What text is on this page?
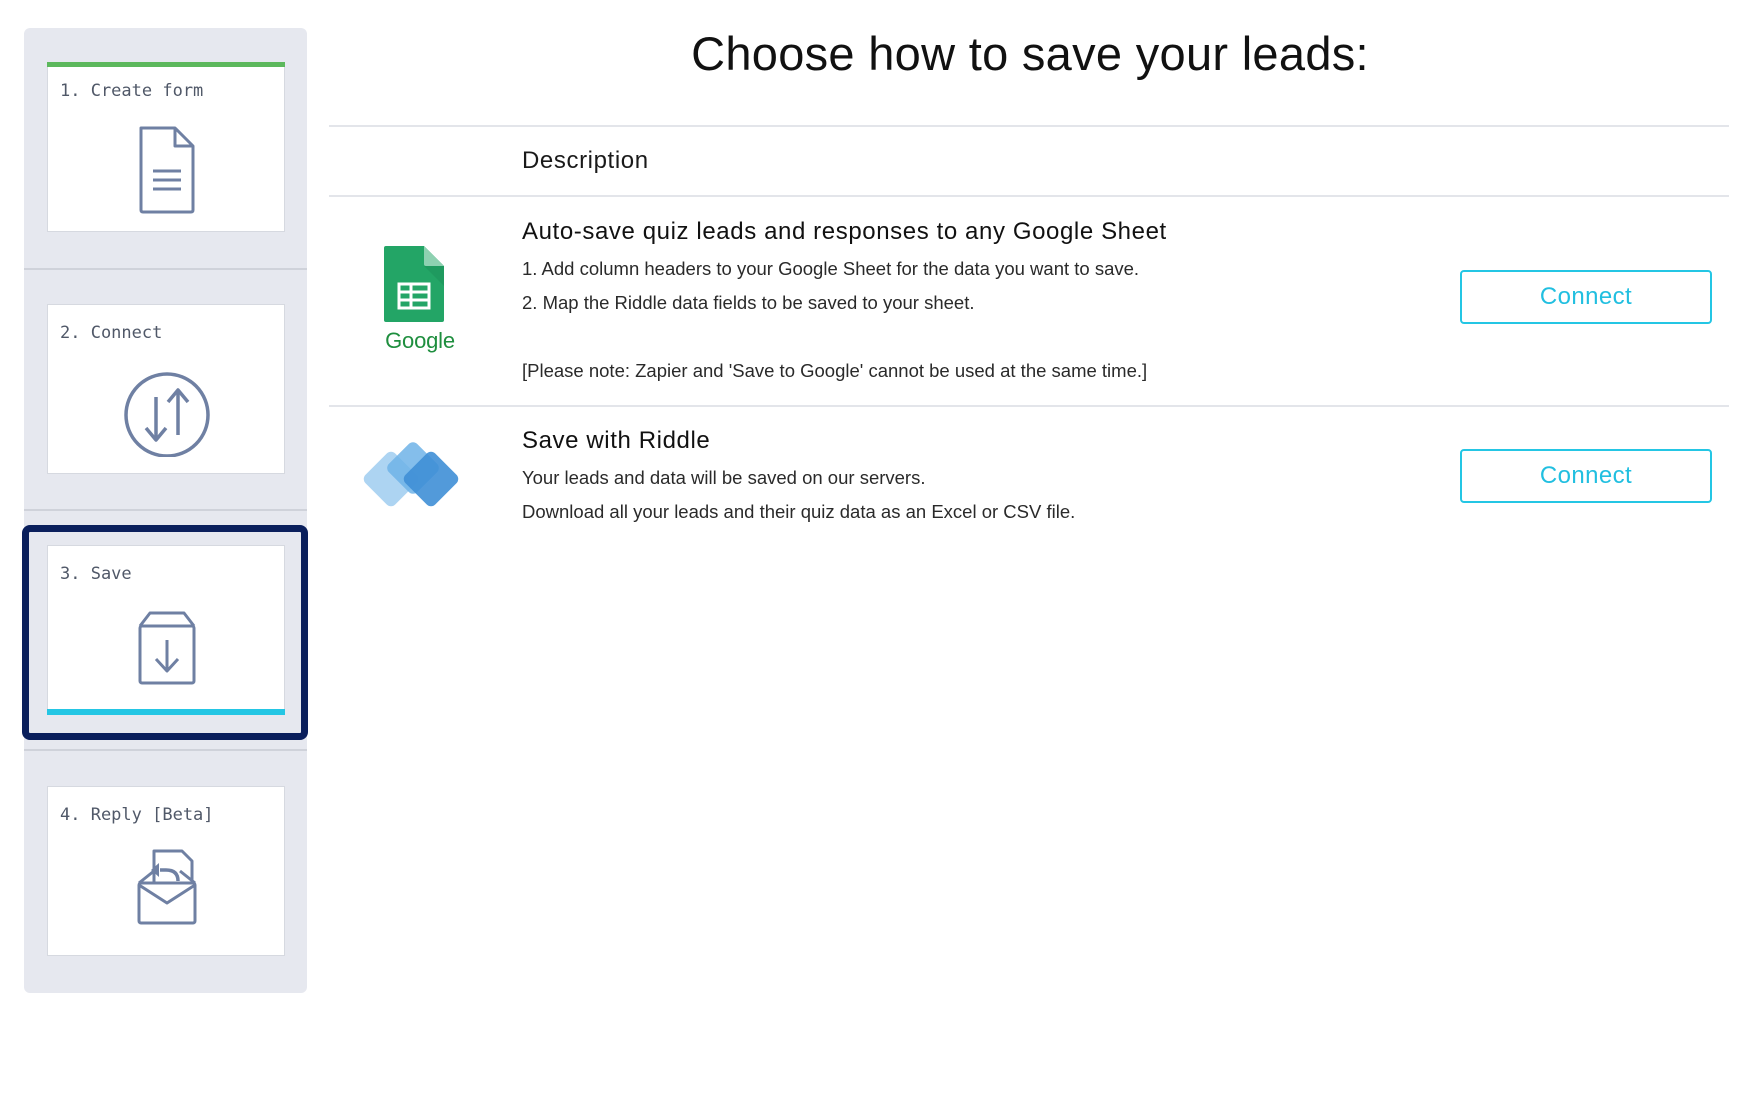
1. Create form
2. Connect
3. Save
4. Reply [Beta]
Choose how to save your leads:
Description
Google
Auto-save quiz leads and responses to any Google Sheet
1. Add column headers to your Google Sheet for the data you want to save.
2. Map the Riddle data fields to be saved to your sheet.
[Please note: Zapier and 'Save to Google' cannot be used at the same time.]
Connect
Save with Riddle
Your leads and data will be saved on our servers.
Download all your leads and their quiz data as an Excel or CSV file.
Connect
